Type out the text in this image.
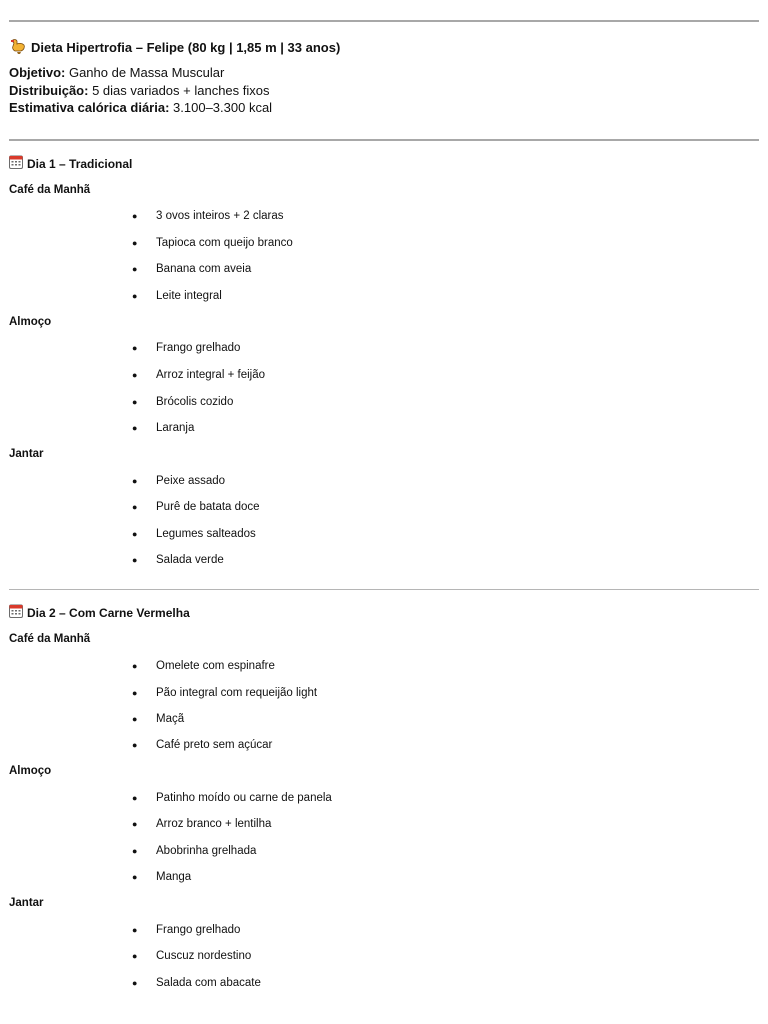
Dieta Hipertrofia – Felipe (80 kg | 1,85 m | 33 anos)
Objetivo: Ganho de Massa Muscular
Distribuição: 5 dias variados + lanches fixos
Estimativa calórica diária: 3.100–3.300 kcal
Dia 1 – Tradicional
Café da Manhã
● 3 ovos inteiros + 2 claras
● Tapioca com queijo branco
● Banana com aveia
● Leite integral
Almoço
● Frango grelhado
● Arroz integral + feijão
● Brócolis cozido
● Laranja
Jantar
● Peixe assado
● Purê de batata doce
● Legumes salteados
● Salada verde
Dia 2 – Com Carne Vermelha
Café da Manhã
● Omelete com espinafre
● Pão integral com requeijão light
● Maçã
● Café preto sem açúcar
Almoço
● Patinho moído ou carne de panela
● Arroz branco + lentilha
● Abobrinha grelhada
● Manga
Jantar
● Frango grelhado
● Cuscuz nordestino
● Salada com abacate
